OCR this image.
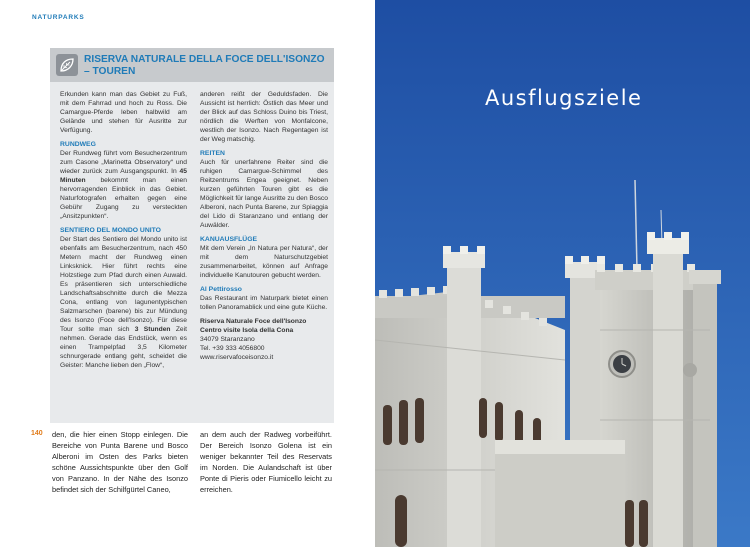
NATURPARKS
RISERVA NATURALE DELLA FOCE DELL'ISONZO – TOUREN

Erkunden kann man das Gebiet zu Fuß, mit dem Fahrrad und hoch zu Ross. Die Camargue-Pferde leben halbwild am Gelände und stehen für Ausritte zur Verfügung.

RUNDWEG

Der Rundweg führt vom Besucherzentrum zum Casone „Marinetta Observatory“ und wieder zurück zum Ausgangspunkt. In 45 Minuten bekommt man einen hervorragenden Einblick in das Gebiet. Naturfotografen erhalten gegen eine Gebühr Zugang zu versteckten „Ansitzpunkten“.

SENTIERO DEL MONDO UNITO

Der Start des Sentiero del Mondo unito ist ebenfalls am Besucherzentrum, nach 450 Metern macht der Rundweg einen Linksknick. Hier führt rechts eine Holzstiege zum Pfad durch einen Auwald. Es präsentieren sich unterschiedliche Landschaftsabschnitte durch die Mezza Cona, entlang von lagunentypischen Salzmarschen (barene) bis zur Mündung des Isonzo (Foce dell'Isonzo). Für diese Tour sollte man sich 3 Stunden Zeit nehmen. Gerade das Endstück, wenn es einen Trampelpfad 3,5 Kilometer schnurgerade entlang geht, scheidet die Geister: Manche lieben den „Flow“,

anderen reißt der Geduldsfaden. Die Aussicht ist herrlich: Östlich das Meer und der Blick auf das Schloss Duino bis Triest, nördlich die Werften von Monfalcone, westlich der Isonzo. Nach Regentagen ist der Weg matschig.

REITEN

Auch für unerfahrene Reiter sind die ruhigen Camargue-Schimmel des Reitzentrums Engea geeignet. Neben kurzen geführten Touren gibt es die Möglichkeit für lange Ausritte zu den Bosco Alberoni, nach Punta Barene, zur Spiaggia del Lido di Staranzano und entlang der Auwälder.

KANUAUSFLÜGE

Mit dem Verein „In Natura per Natura“, der mit dem Naturschutzgebiet zusammenarbeitet, können auf Anfrage individuelle Kanutouren gebucht werden.

Al Pettirosso

Das Restaurant im Naturpark bietet einen tollen Panoramablick und eine gute Küche.

Riserva Naturale Foce dell'Isonzo
Centro visite Isola della Cona
34079 Staranzano
Tel. +39 333 4056800
www.riservafoceisonzo.it
140 den, die hier einen Stopp einlegen. Die Bereiche von Punta Barene und Bosco Alberoni im Osten des Parks bieten schöne Aussichtspunkte über den Golf von Panzano. In der Nähe des Isonzo befindet sich der Schilfgürtel Caneo,

an dem auch der Radweg vorbeiführt. Der Bereich Isonzo Golena ist ein weniger bekannter Teil des Reservats im Norden. Die Aulandschaft ist über Ponte di Pieris oder Fiumicello leicht zu erreichen.

Ausflugsziele
